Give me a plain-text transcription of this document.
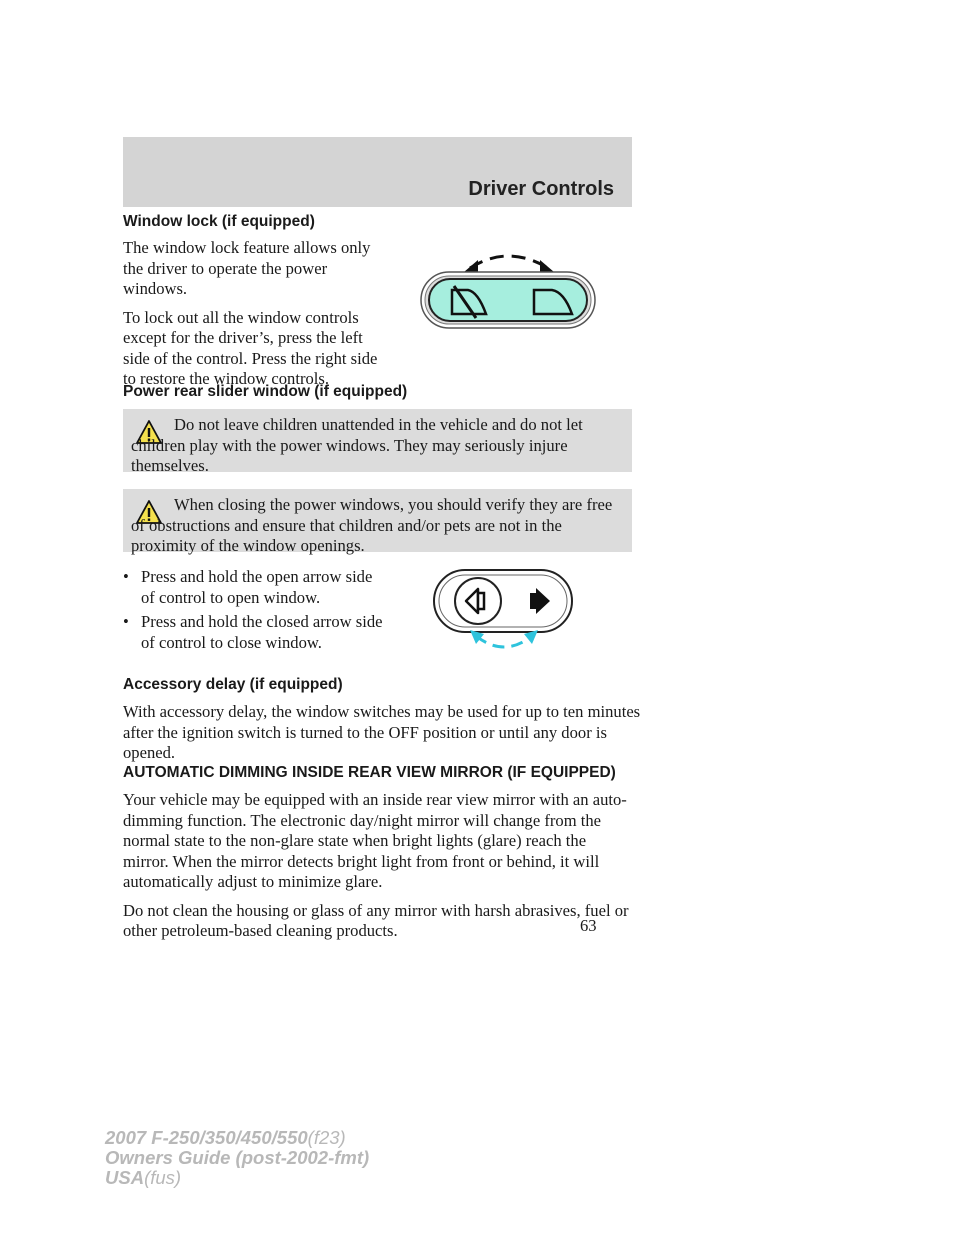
Driver Controls
Window lock (if equipped)

The window lock feature allows only the driver to operate the power windows.

To lock out all the window controls except for the driver’s, press the left side of the control. Press the right side to restore the window controls.

Power rear slider window (if equipped)
Do not leave children unattended in the vehicle and do not let children play with the power windows. They may seriously injure themselves.
When closing the power windows, you should verify they are free of obstructions and ensure that children and/or pets are not in the proximity of the window openings.
• Press and hold the open arrow side of control to open window.
• Press and hold the closed arrow side of control to close window.
Accessory delay (if equipped)

With accessory delay, the window switches may be used for up to ten minutes after the ignition switch is turned to the OFF position or until any door is opened.

AUTOMATIC DIMMING INSIDE REAR VIEW MIRROR (IF EQUIPPED)

Your vehicle may be equipped with an inside rear view mirror with an auto-dimming function. The electronic day/night mirror will change from the normal state to the non-glare state when bright lights (glare) reach the mirror. When the mirror detects bright light from front or behind, it will automatically adjust to minimize glare.

Do not clean the housing or glass of any mirror with harsh abrasives, fuel or other petroleum-based cleaning products.	63
2007 F-250/350/450/550(f23)
Owners Guide (post-2002-fmt)
USA(fus)
